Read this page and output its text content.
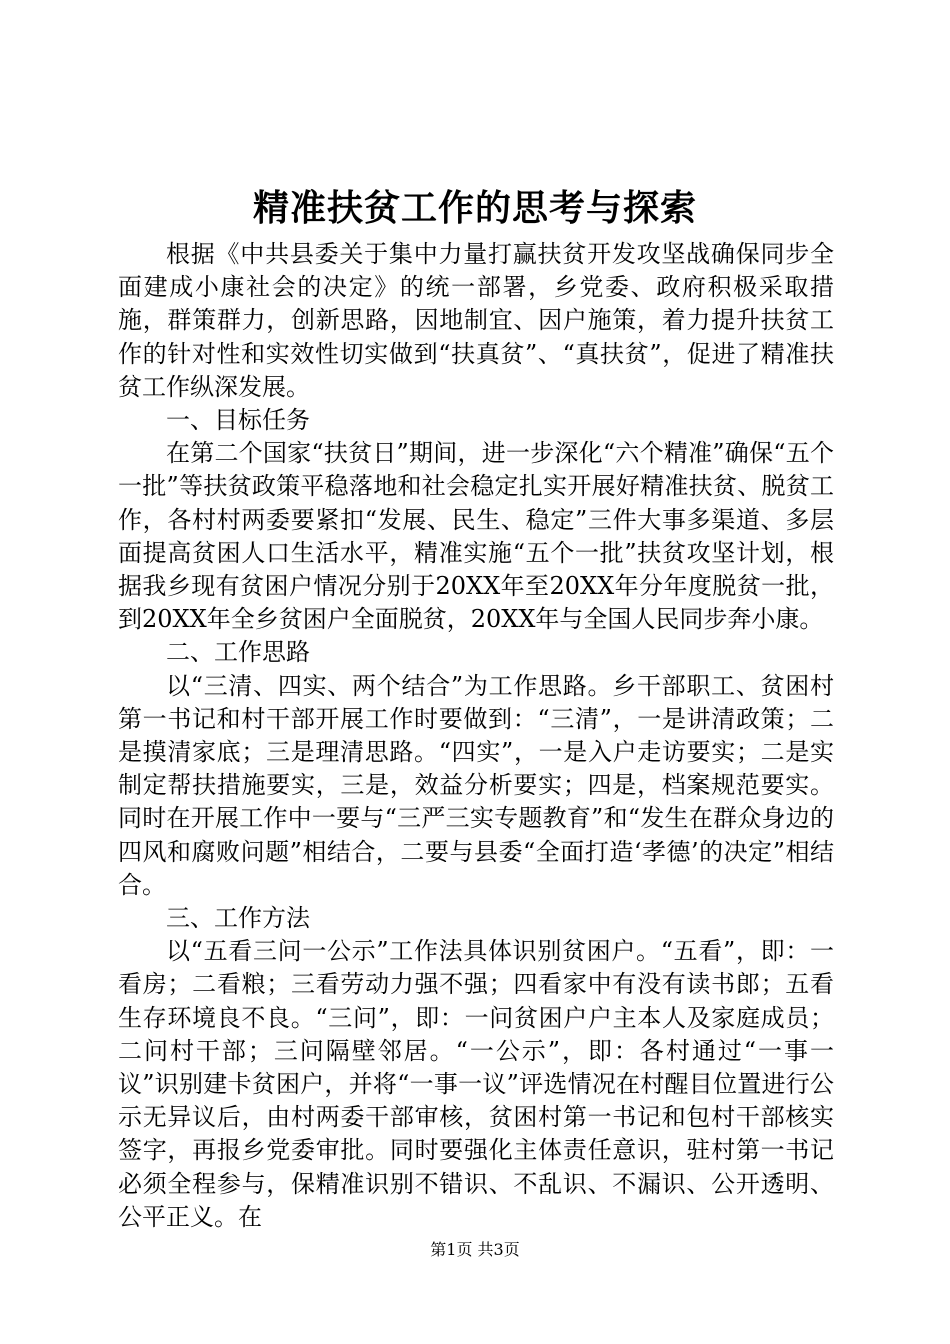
精准扶贫工作的思考与探索

根据《中共县委关于集中力量打赢扶贫开发攻坚战确保同步全面建成小康社会的决定》的统一部署，乡党委、政府积极采取措施，群策群力，创新思路，因地制宜、因户施策，着力提升扶贫工作的针对性和实效性切实做到“扶真贫”、“真扶贫”，促进了精准扶贫工作纵深发展。

一、目标任务

在第二个国家“扶贫日”期间，进一步深化“六个精准”确保“五个一批”等扶贫政策平稳落地和社会稳定扎实开展好精准扶贫、脱贫工作，各村村两委要紧扣“发展、民生、稳定”三件大事多渠道、多层面提高贫困人口生活水平，精准实施“五个一批”扶贫攻坚计划，根据我乡现有贫困户情况分别于20XX年至20XX年分年度脱贫一批，到20XX年全乡贫困户全面脱贫，20XX年与全国人民同步奔小康。

二、工作思路

以“三清、四实、两个结合”为工作思路。乡干部职工、贫困村第一书记和村干部开展工作时要做到：“三清”，一是讲清政策；二是摸清家底；三是理清思路。“四实”，一是入户走访要实；二是实制定帮扶措施要实，三是，效益分析要实；四是，档案规范要实。同时在开展工作中一要与“三严三实专题教育”和“发生在群众身边的四风和腐败问题”相结合，二要与县委“全面打造‘孝德’的决定”相结合。

三、工作方法

以“五看三问一公示”工作法具体识别贫困户。“五看”，即：一看房；二看粮；三看劳动力强不强；四看家中有没有读书郎；五看生存环境良不良。“三问”，即：一问贫困户户主本人及家庭成员；二问村干部；三问隔壁邻居。“一公示”，即：各村通过“一事一议”识别建卡贫困户，并将“一事一议”评选情况在村醒目位置进行公示无异议后，由村两委干部审核，贫困村第一书记和包村干部核实签字，再报乡党委审批。同时要强化主体责任意识，驻村第一书记必须全程参与，保精准识别不错识、不乱识、不漏识、公开透明、公平正义。在

第1页 共3页
